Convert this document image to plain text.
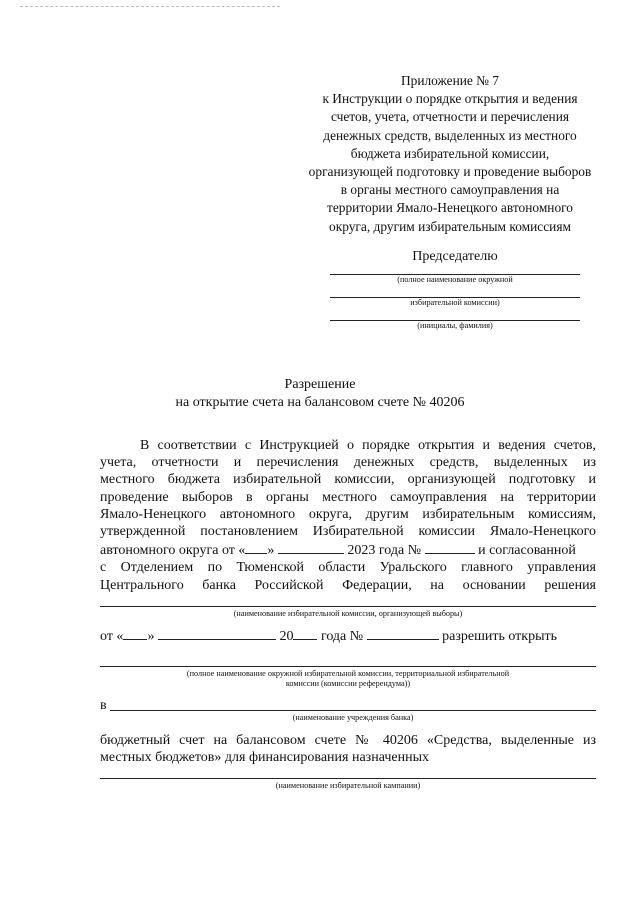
Приложение № 7
к Инструкции о порядке открытия и ведения
счетов, учета, отчетности и перечисления
денежных средств, выделенных из местного
бюджета избирательной комиссии,
организующей подготовку и проведение выборов
в органы местного самоуправления на
территории Ямало-Ненецкого автономного
округа, другим избирательным комиссиям
Председателю
(полное наименование окружной
избирательной комиссии)
(инициалы, фамилия)
Разрешение
на открытие счета на балансовом счете № 40206
В соответствии с Инструкцией о порядке открытия и ведения счетов,
учета, отчетности и перечисления денежных средств, выделенных из
местного бюджета избирательной комиссии, организующей подготовку и
проведение выборов в органы местного самоуправления на территории
Ямало-Ненецкого автономного округа, другим избирательным комиссиям,
утвержденной постановлением Избирательной комиссии Ямало-Ненецкого
автономного округа от « »	2023 года №	и согласованной
с Отделением по Тюменской области Уральского главного управления
Центрального банка Российской Федерации, на основании решения
(наименование избирательной комиссии, организующей выборы)
от « »	20 года №	разрешить открыть
(полное наименование окружной избирательной комиссии, территориальной избирательной
комиссии (комиссии референдума))
в
(наименование учреждения банка)
бюджетный счет на балансовом счете № 40206 «Средства, выделенные из
местных бюджетов» для финансирования назначенных
(наименование избирательной кампании)
